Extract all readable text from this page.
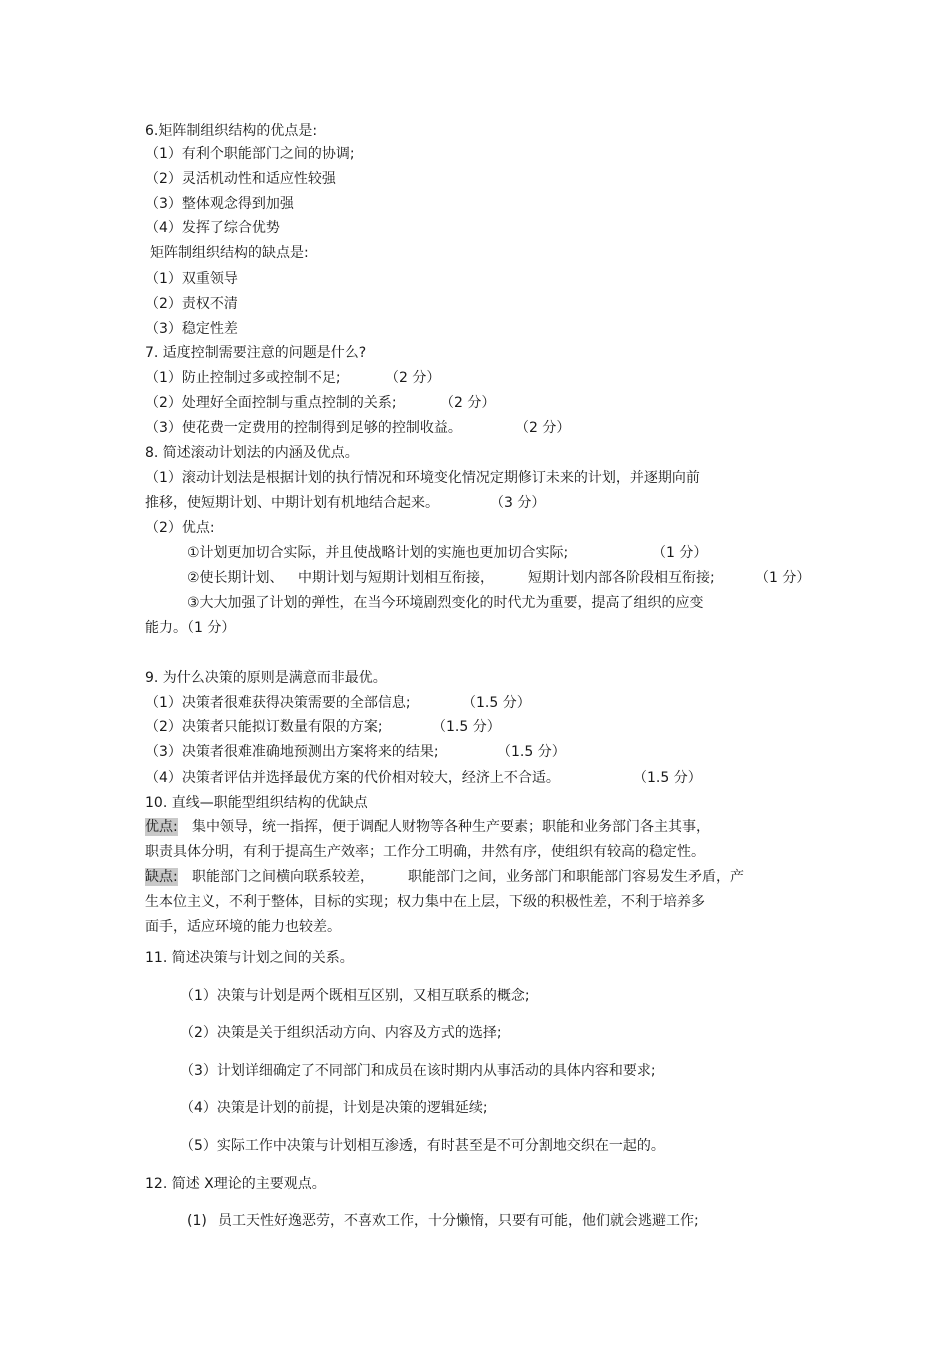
6.矩阵制组织结构的优点是:
（1）有利个职能部门之间的协调;
（2）灵活机动性和适应性较强
（3）整体观念得到加强
（4）发挥了综合优势
矩阵制组织结构的缺点是:
（1）双重领导
（2）责权不清
（3）稳定性差
7. 适度控制需要注意的问题是什么?
（1）防止控制过多或控制不足;	（2 分）
（2）处理好全面控制与重点控制的关系;	（2 分）
（3）使花费一定费用的控制得到足够的控制收益。	（2 分）
8. 简述滚动计划法的内涵及优点。
（1）滚动计划法是根据计划的执行情况和环境变化情况定期修订未来的计划，并逐期向前
推移，使短期计划、中期计划有机地结合起来。	（3 分）
（2）优点:
①计划更加切合实际，并且使战略计划的实施也更加切合实际;	（1 分）
②使长期计划、 中期计划与短期计划相互衔接， 短期计划内部各阶段相互衔接;	（1 分）
③大大加强了计划的弹性，在当今环境剧烈变化的时代尤为重要，提高了组织的应变
能力。（1 分）
9. 为什么决策的原则是满意而非最优。
（1）决策者很难获得决策需要的全部信息;	（1.5 分）
（2）决策者只能拟订数量有限的方案;	（1.5 分）
（3）决策者很难准确地预测出方案将来的结果;	（1.5 分）
（4）决策者评估并选择最优方案的代价相对较大，经济上不合适。	（1.5 分）
10. 直线—职能型组织结构的优缺点
优点: 集中领导，统一指挥，便于调配人财物等各种生产要素；职能和业务部门各主其事，
职责具体分明，有利于提高生产效率；工作分工明确，井然有序，使组织有较高的稳定性。
缺点: 职能部门之间横向联系较差， 职能部门之间，业务部门和职能部门容易发生矛盾，产
生本位主义，不利于整体，目标的实现；权力集中在上层，下级的积极性差，不利于培养多
面手，适应环境的能力也较差。
11. 简述决策与计划之间的关系。
（1）决策与计划是两个既相互区别，又相互联系的概念;
（2）决策是关于组织活动方向、内容及方式的选择;
（3）计划详细确定了不同部门和成员在该时期内从事活动的具体内容和要求;
（4）决策是计划的前提，计划是决策的逻辑延续;
（5）实际工作中决策与计划相互渗透，有时甚至是不可分割地交织在一起的。
12. 简述 X理论的主要观点。
(1) 员工天性好逸恶劳，不喜欢工作，十分懒惰，只要有可能，他们就会逃避工作;
